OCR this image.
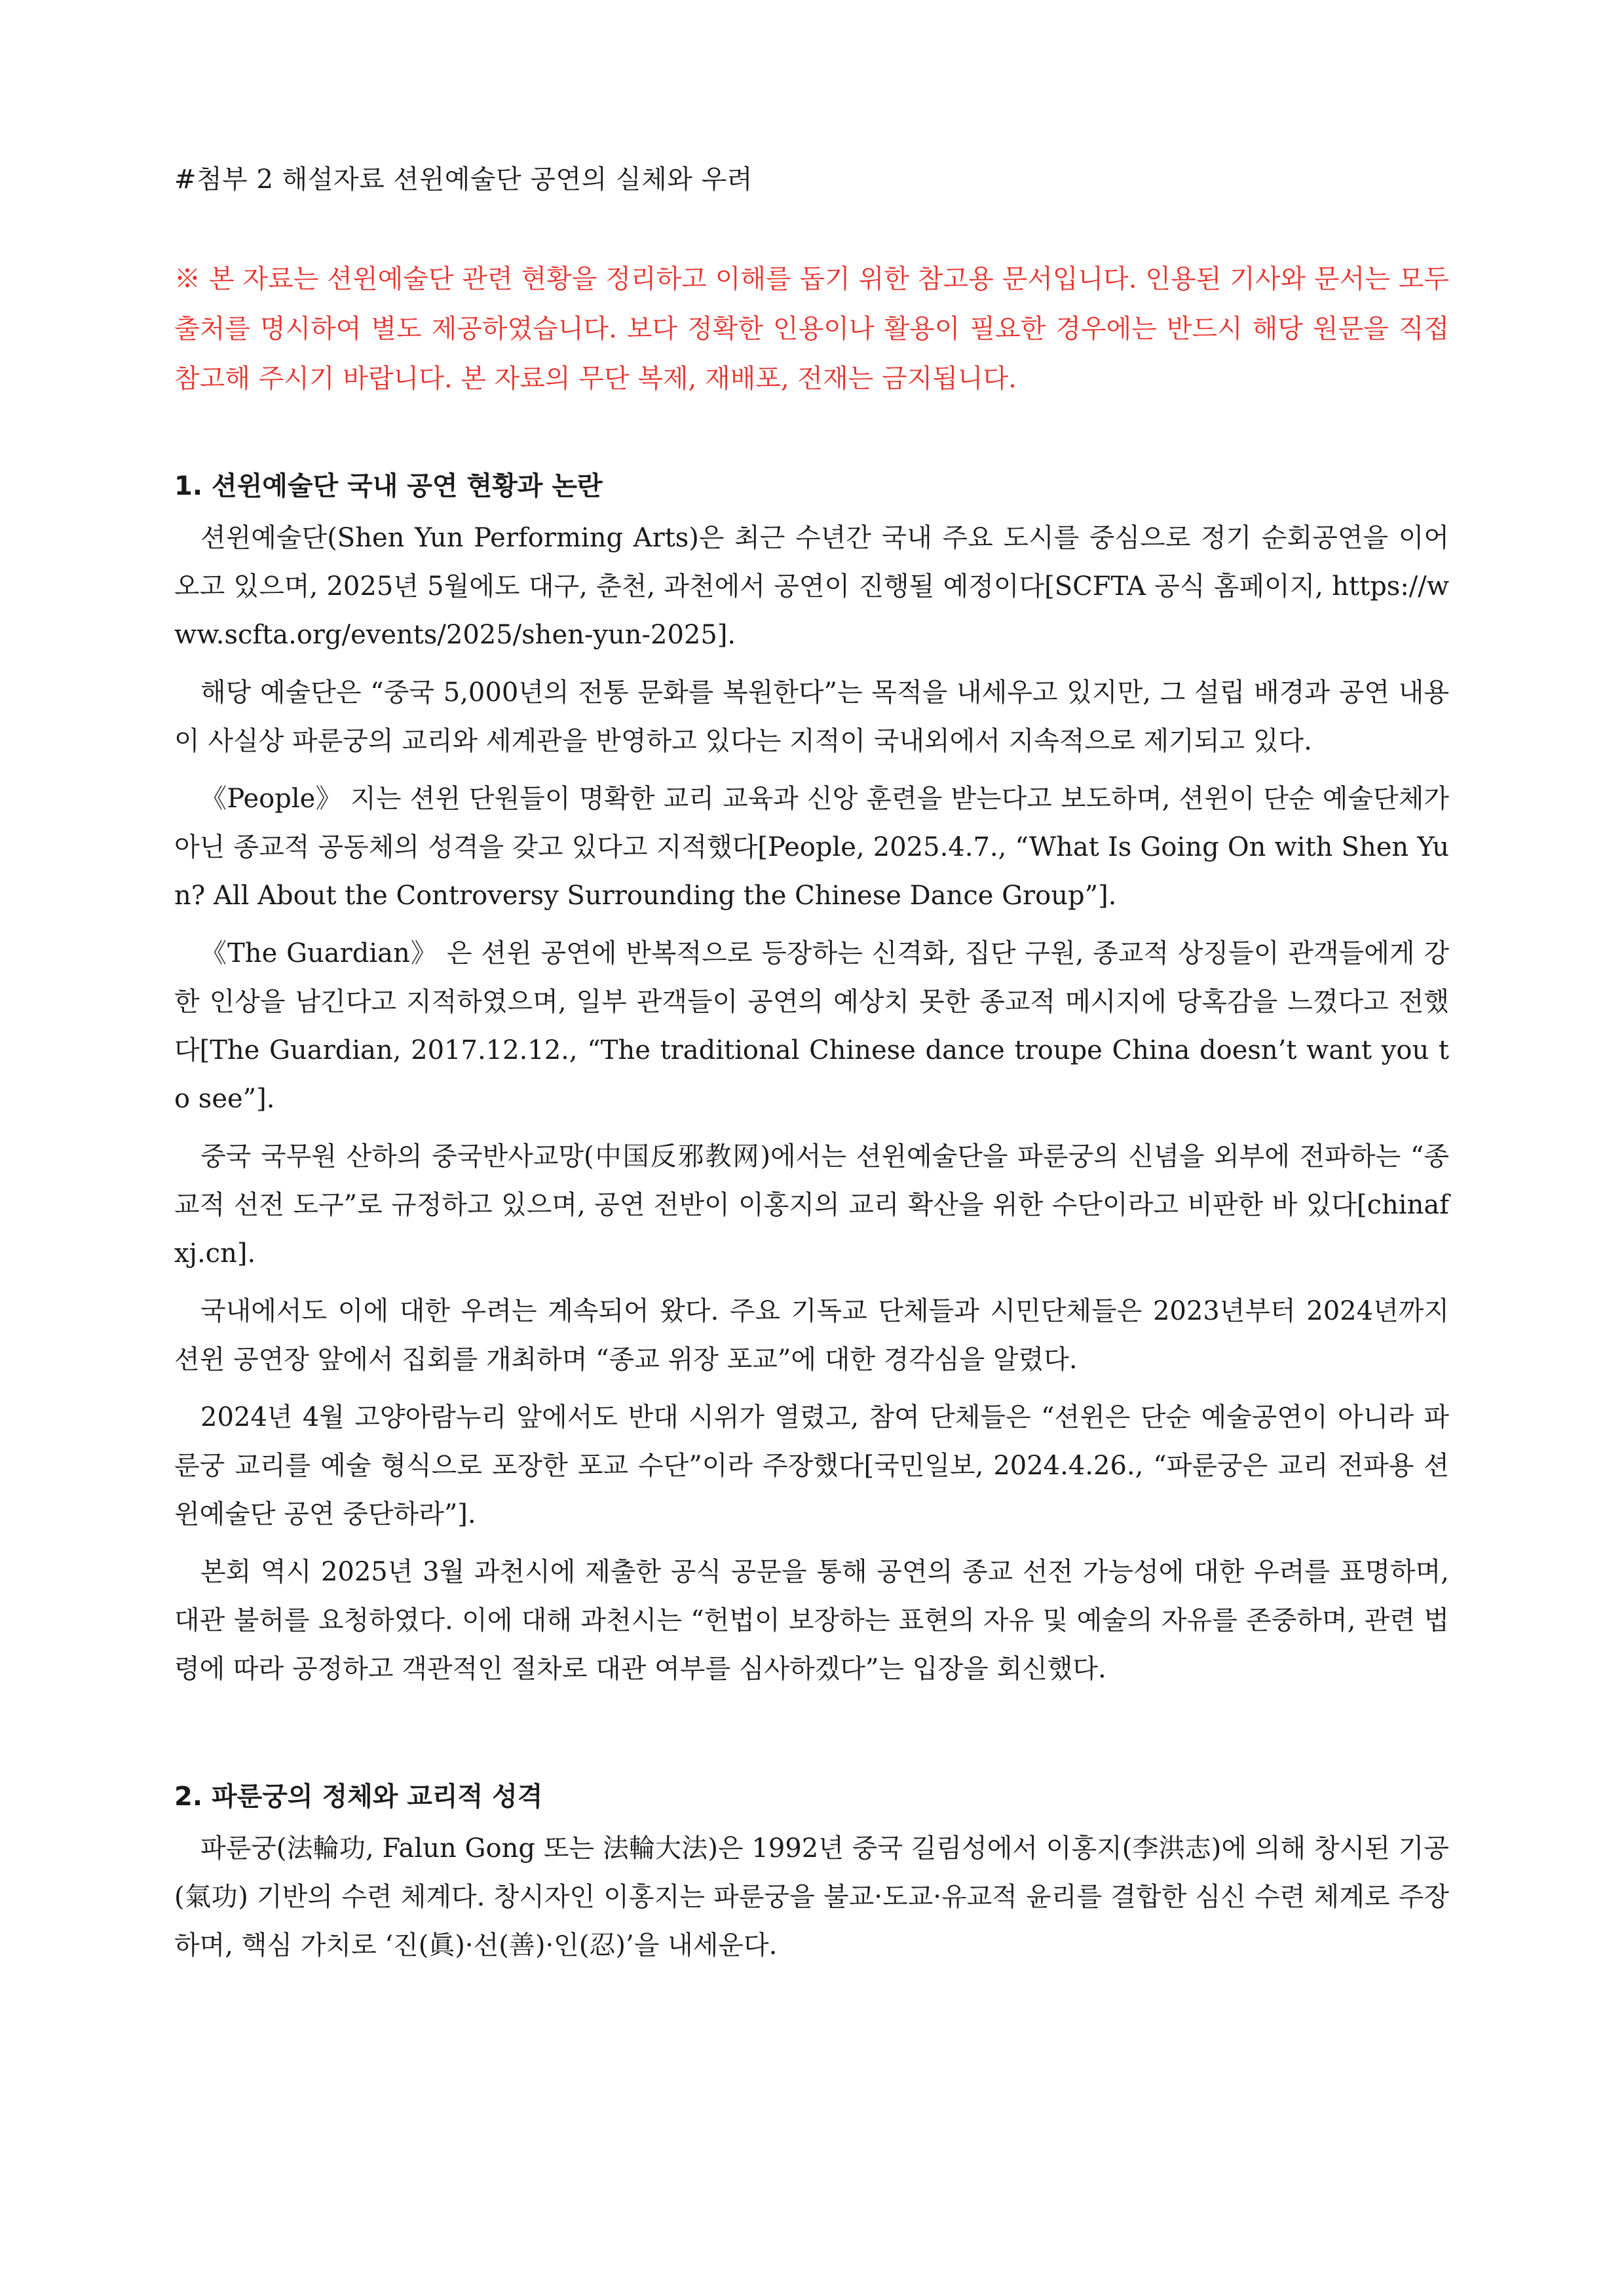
#첨부 2 해설자료 션윈예술단 공연의 실체와 우려

※ 본 자료는 션윈예술단 관련 현황을 정리하고 이해를 돕기 위한 참고용 문서입니다. 인용된 기사와 문서는 모두 출처를 명시하여 별도 제공하였습니다. 보다 정확한 인용이나 활용이 필요한 경우에는 반드시 해당 원문을 직접 참고해 주시기 바랍니다. 본 자료의 무단 복제, 재배포, 전재는 금지됩니다.

1. 션윈예술단 국내 공연 현황과 논란

션윈예술단(Shen Yun Performing Arts)은 최근 수년간 국내 주요 도시를 중심으로 정기 순회공연을 이어오고 있으며, 2025년 5월에도 대구, 춘천, 과천에서 공연이 진행될 예정이다[SCFTA 공식 홈페이지, https://www.scfta.org/events/2025/shen-yun-2025].

해당 예술단은 “중국 5,000년의 전통 문화를 복원한다”는 목적을 내세우고 있지만, 그 설립 배경과 공연 내용이 사실상 파룬궁의 교리와 세계관을 반영하고 있다는 지적이 국내외에서 지속적으로 제기되고 있다.

《People》 지는 션윈 단원들이 명확한 교리 교육과 신앙 훈련을 받는다고 보도하며, 션윈이 단순 예술단체가 아닌 종교적 공동체의 성격을 갖고 있다고 지적했다[People, 2025.4.7., “What Is Going On with Shen Yun? All About the Controversy Surrounding the Chinese Dance Group”].

《The Guardian》 은 션윈 공연에 반복적으로 등장하는 신격화, 집단 구원, 종교적 상징들이 관객들에게 강한 인상을 남긴다고 지적하였으며, 일부 관객들이 공연의 예상치 못한 종교적 메시지에 당혹감을 느꼈다고 전했다[The Guardian, 2017.12.12., “The traditional Chinese dance troupe China doesn’t want you to see”].

중국 국무원 산하의 중국반사교망(中国反邪教网)에서는 션윈예술단을 파룬궁의 신념을 외부에 전파하는 “종교적 선전 도구”로 규정하고 있으며, 공연 전반이 이홍지의 교리 확산을 위한 수단이라고 비판한 바 있다[chinafxj.cn].

국내에서도 이에 대한 우려는 계속되어 왔다. 주요 기독교 단체들과 시민단체들은 2023년부터 2024년까지 션윈 공연장 앞에서 집회를 개최하며 “종교 위장 포교”에 대한 경각심을 알렸다.

2024년 4월 고양아람누리 앞에서도 반대 시위가 열렸고, 참여 단체들은 “션윈은 단순 예술공연이 아니라 파룬궁 교리를 예술 형식으로 포장한 포교 수단”이라 주장했다[국민일보, 2024.4.26., “파룬궁은 교리 전파용 션윈예술단 공연 중단하라”].

본회 역시 2025년 3월 과천시에 제출한 공식 공문을 통해 공연의 종교 선전 가능성에 대한 우려를 표명하며, 대관 불허를 요청하였다. 이에 대해 과천시는 “헌법이 보장하는 표현의 자유 및 예술의 자유를 존중하며, 관련 법령에 따라 공정하고 객관적인 절차로 대관 여부를 심사하겠다”는 입장을 회신했다.

2. 파룬궁의 정체와 교리적 성격

파룬궁(法輪功, Falun Gong 또는 法輪大法)은 1992년 중국 길림성에서 이홍지(李洪志)에 의해 창시된 기공(氣功) 기반의 수련 체계다. 창시자인 이홍지는 파룬궁을 불교·도교·유교적 윤리를 결합한 심신 수련 체계로 주장하며, 핵심 가치로 ‘진(眞)·선(善)·인(忍)’을 내세운다.
